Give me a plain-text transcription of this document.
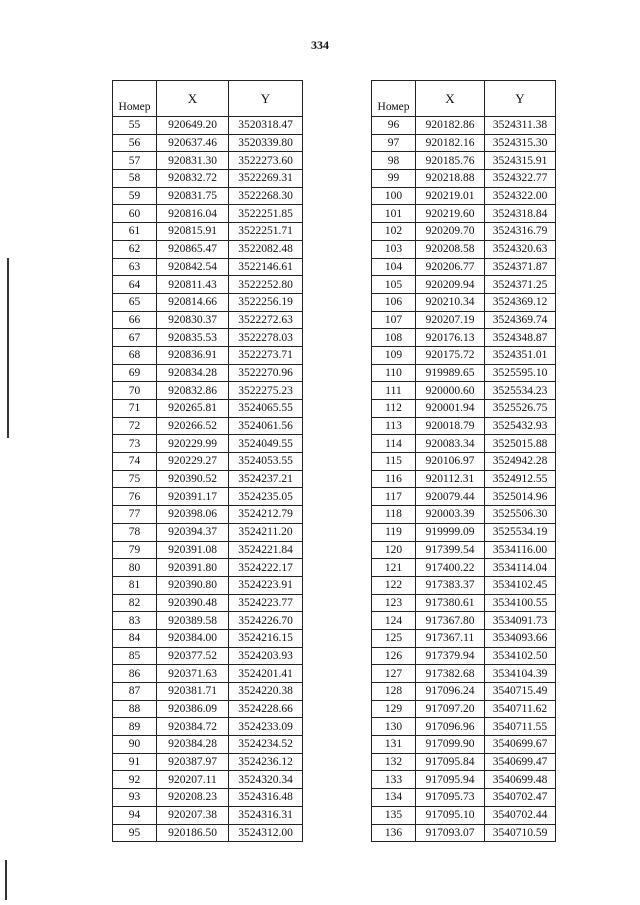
334
Номер	X	Y
55	920649.20	3520318.47
56	920637.46	3520339.80
57	920831.30	3522273.60
58	920832.72	3522269.31
59	920831.75	3522268.30
60	920816.04	3522251.85
61	920815.91	3522251.71
62	920865.47	3522082.48
63	920842.54	3522146.61
64	920811.43	3522252.80
65	920814.66	3522256.19
66	920830.37	3522272.63
67	920835.53	3522278.03
68	920836.91	3522273.71
69	920834.28	3522270.96
70	920832.86	3522275.23
71	920265.81	3524065.55
72	920266.52	3524061.56
73	920229.99	3524049.55
74	920229.27	3524053.55
75	920390.52	3524237.21
76	920391.17	3524235.05
77	920398.06	3524212.79
78	920394.37	3524211.20
79	920391.08	3524221.84
80	920391.80	3524222.17
81	920390.80	3524223.91
82	920390.48	3524223.77
83	920389.58	3524226.70
84	920384.00	3524216.15
85	920377.52	3524203.93
86	920371.63	3524201.41
87	920381.71	3524220.38
88	920386.09	3524228.66
89	920384.72	3524233.09
90	920384.28	3524234.52
91	920387.97	3524236.12
92	920207.11	3524320.34
93	920208.23	3524316.48
94	920207.38	3524316.31
95	920186.50	3524312.00
Номер	X	Y
96	920182.86	3524311.38
97	920182.16	3524315.30
98	920185.76	3524315.91
99	920218.88	3524322.77
100	920219.01	3524322.00
101	920219.60	3524318.84
102	920209.70	3524316.79
103	920208.58	3524320.63
104	920206.77	3524371.87
105	920209.94	3524371.25
106	920210.34	3524369.12
107	920207.19	3524369.74
108	920176.13	3524348.87
109	920175.72	3524351.01
110	919989.65	3525595.10
111	920000.60	3525534.23
112	920001.94	3525526.75
113	920018.79	3525432.93
114	920083.34	3525015.88
115	920106.97	3524942.28
116	920112.31	3524912.55
117	920079.44	3525014.96
118	920003.39	3525506.30
119	919999.09	3525534.19
120	917399.54	3534116.00
121	917400.22	3534114.04
122	917383.37	3534102.45
123	917380.61	3534100.55
124	917367.80	3534091.73
125	917367.11	3534093.66
126	917379.94	3534102.50
127	917382.68	3534104.39
128	917096.24	3540715.49
129	917097.20	3540711.62
130	917096.96	3540711.55
131	917099.90	3540699.67
132	917095.84	3540699.47
133	917095.94	3540699.48
134	917095.73	3540702.47
135	917095.10	3540702.44
136	917093.07	3540710.59
